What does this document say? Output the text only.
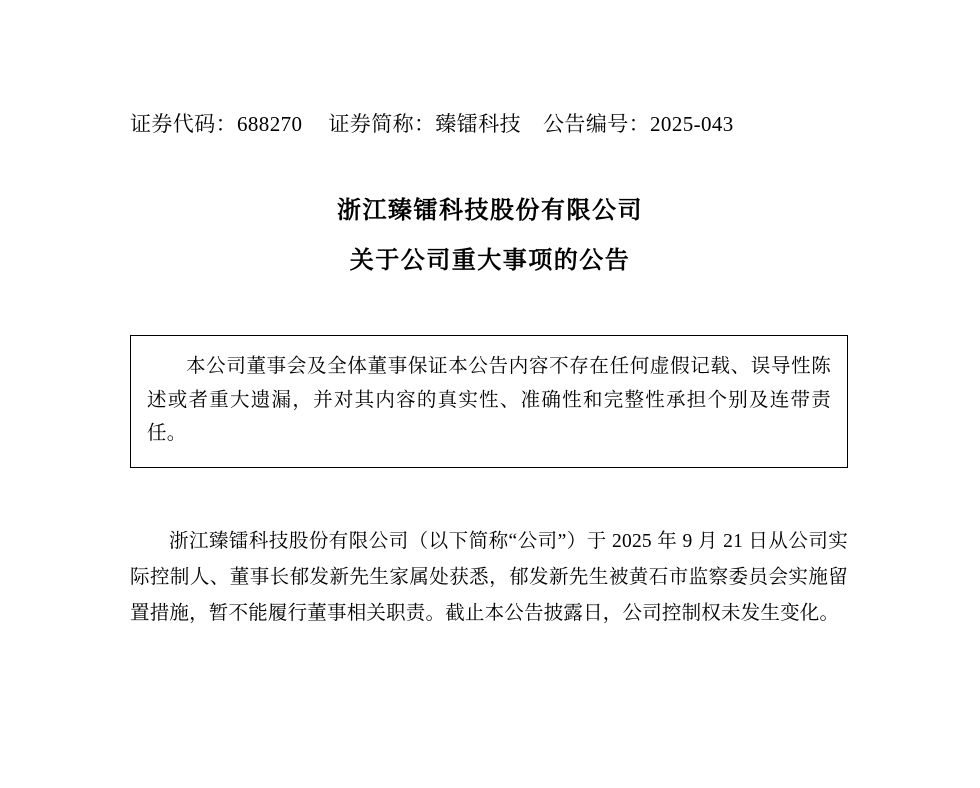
证券代码：688270 证券简称：臻镭科技 公告编号：2025-043
浙江臻镭科技股份有限公司
关于公司重大事项的公告
本公司董事会及全体董事保证本公告内容不存在任何虚假记载、误导性陈述或者重大遗漏，并对其内容的真实性、准确性和完整性承担个别及连带责任。

浙江臻镭科技股份有限公司（以下简称“公司”）于 2025 年 9 月 21 日从公司实际控制人、董事长郁发新先生家属处获悉，郁发新先生被黄石市监察委员会实施留置措施，暂不能履行董事相关职责。截止本公告披露日，公司控制权未发生变化。
